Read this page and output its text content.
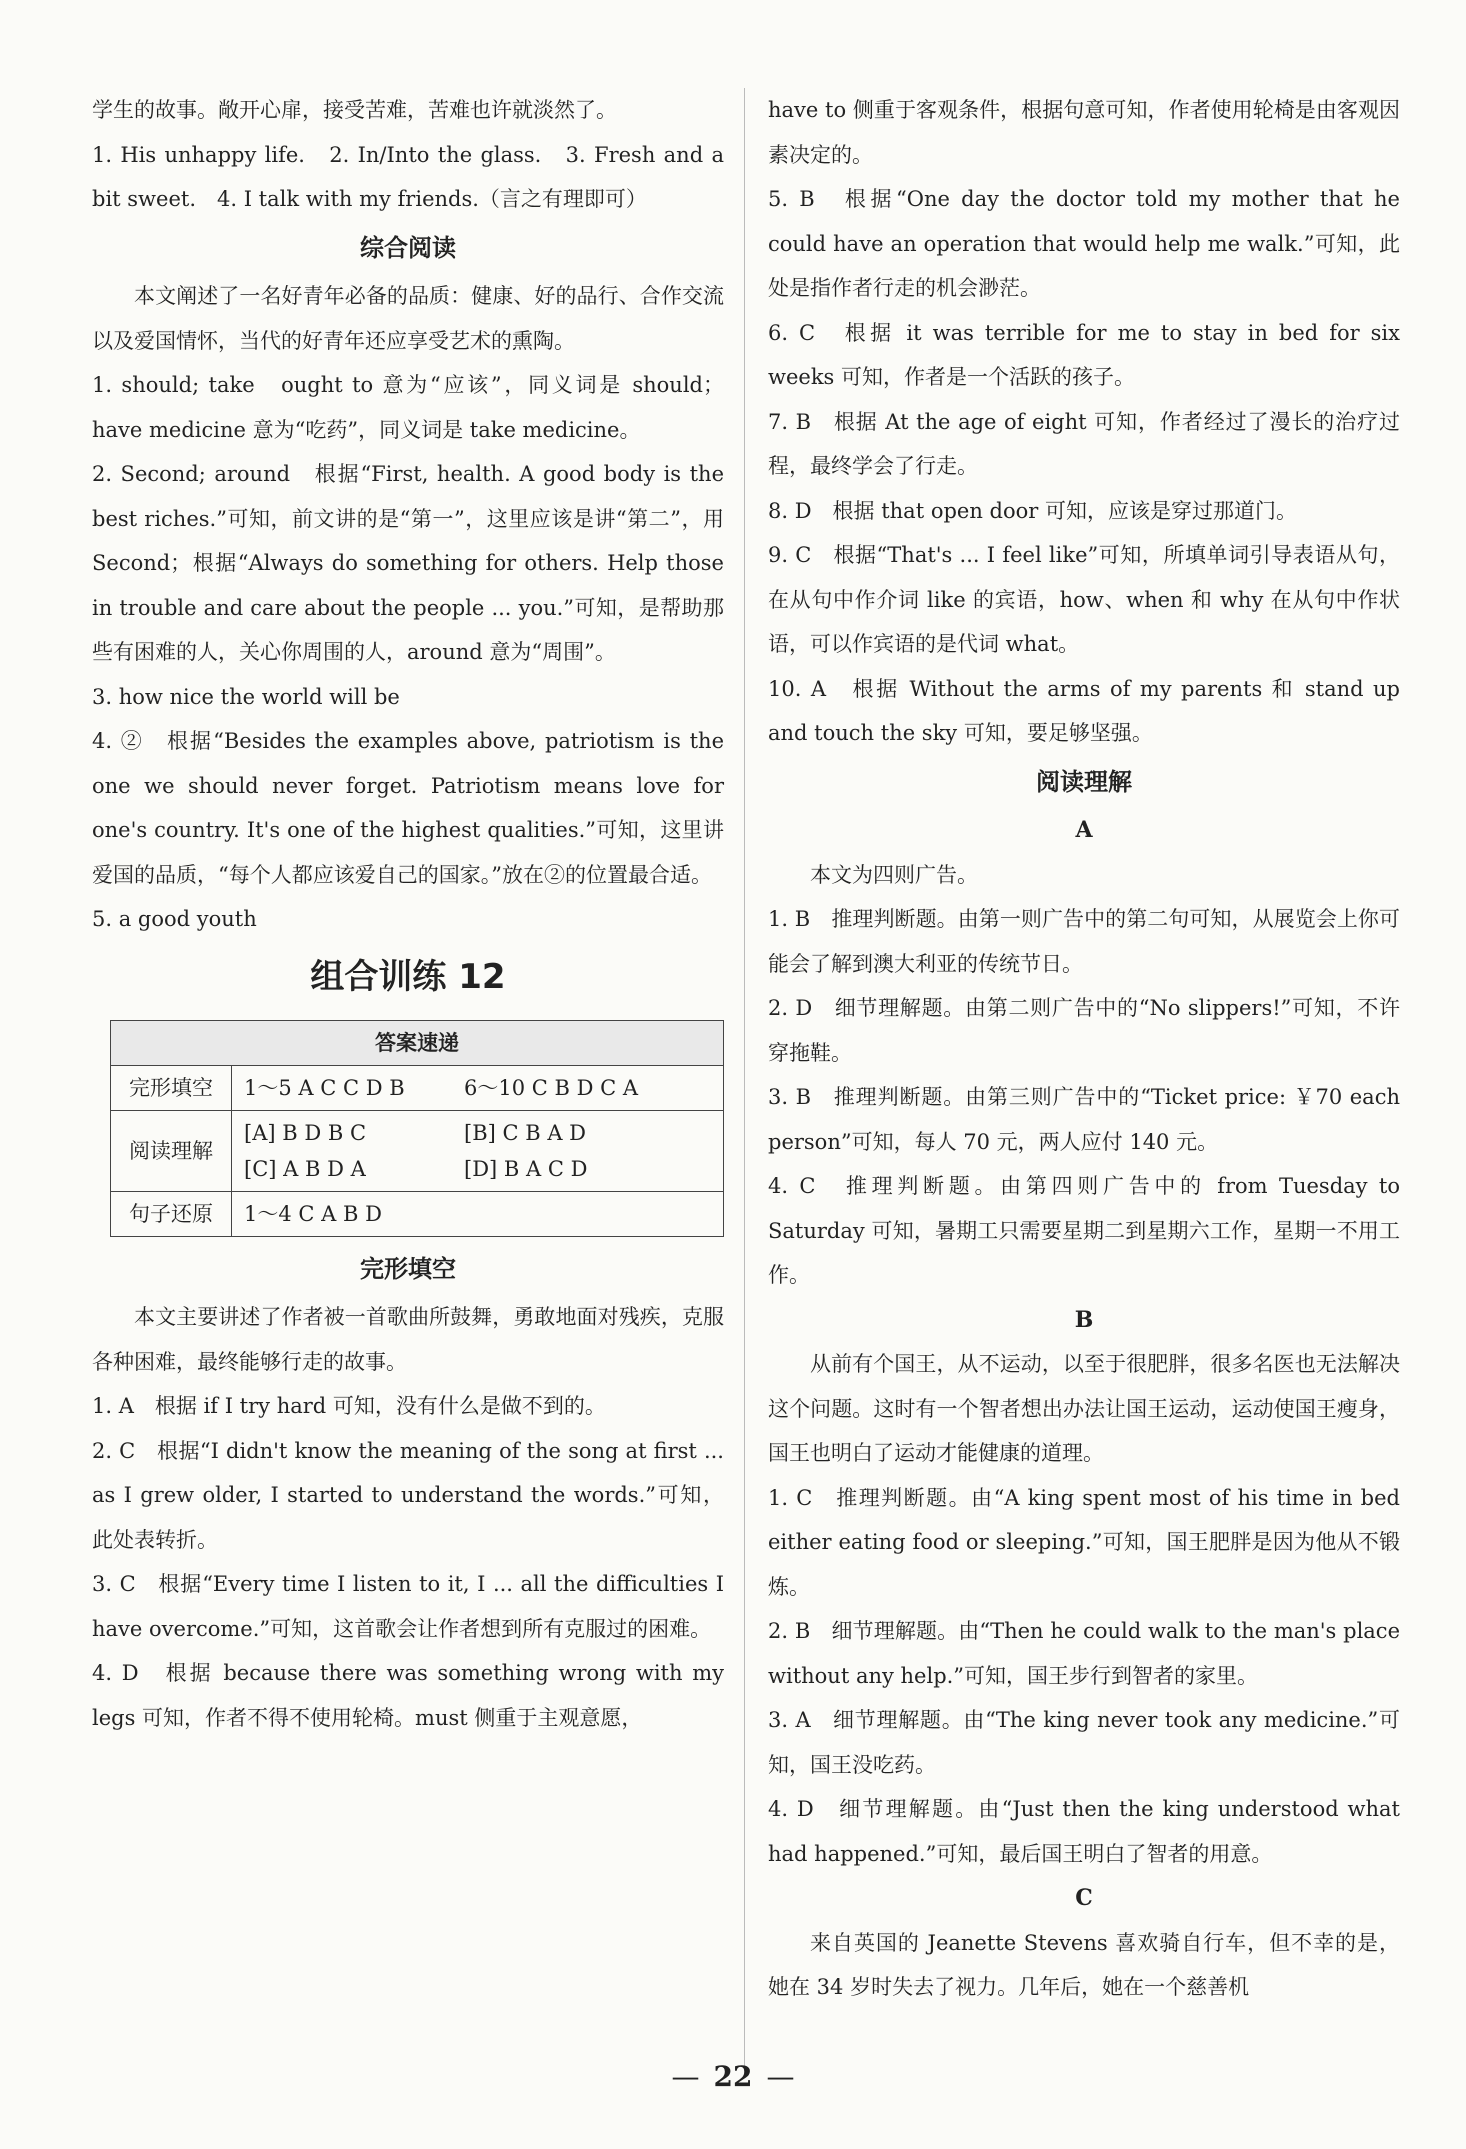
学生的故事。敞开心扉，接受苦难，苦难也许就淡然了。

1. His unhappy life.　2. In/Into the glass.　3. Fresh and a bit sweet.　4. I talk with my friends.（言之有理即可）

综合阅读

本文阐述了一名好青年必备的品质：健康、好的品行、合作交流以及爱国情怀，当代的好青年还应享受艺术的熏陶。

1. should; take　ought to 意为“应该”，同义词是 should；have medicine 意为“吃药”，同义词是 take medicine。

2. Second; around　根据“First, health. A good body is the best riches.”可知，前文讲的是“第一”，这里应该是讲“第二”，用 Second；根据“Always do something for others. Help those in trouble and care about the people ... you.”可知，是帮助那些有困难的人，关心你周围的人，around 意为“周围”。

3. how nice the world will be

4. ②　根据“Besides the examples above, patriotism is the one we should never forget. Patriotism means love for one's country. It's one of the highest qualities.”可知，这里讲爱国的品质，“每个人都应该爱自己的国家。”放在②的位置最合适。

5. a good youth

组合训练 12
答案速递	
完形填空	1～5 A C C D B 6～10 C B D C A

阅读理解	[A] B D B C [B] C B A D
[C] A B D A [D] B A C D

句子还原	1～4 C A B D
完形填空

本文主要讲述了作者被一首歌曲所鼓舞，勇敢地面对残疾，克服各种困难，最终能够行走的故事。

1. A　根据 if I try hard 可知，没有什么是做不到的。

2. C　根据“I didn't know the meaning of the song at first ... as I grew older, I started to understand the words.”可知，此处表转折。

3. C　根据“Every time I listen to it, I ... all the difficulties I have overcome.”可知，这首歌会让作者想到所有克服过的困难。

4. D　根据 because there was something wrong with my legs 可知，作者不得不使用轮椅。must 侧重于主观意愿，

have to 侧重于客观条件，根据句意可知，作者使用轮椅是由客观因素决定的。

5. B　根据“One day the doctor told my mother that he could have an operation that would help me walk.”可知，此处是指作者行走的机会渺茫。

6. C　根据 it was terrible for me to stay in bed for six weeks 可知，作者是一个活跃的孩子。

7. B　根据 At the age of eight 可知，作者经过了漫长的治疗过程，最终学会了行走。

8. D　根据 that open door 可知，应该是穿过那道门。

9. C　根据“That's ... I feel like”可知，所填单词引导表语从句，在从句中作介词 like 的宾语，how、when 和 why 在从句中作状语，可以作宾语的是代词 what。

10. A　根据 Without the arms of my parents 和 stand up and touch the sky 可知，要足够坚强。

阅读理解
A

本文为四则广告。

1. B　推理判断题。由第一则广告中的第二句可知，从展览会上你可能会了解到澳大利亚的传统节日。

2. D　细节理解题。由第二则广告中的“No slippers!”可知，不许穿拖鞋。

3. B　推理判断题。由第三则广告中的“Ticket price: ￥70 each person”可知，每人 70 元，两人应付 140 元。

4. C　推理判断题。由第四则广告中的 from Tuesday to Saturday 可知，暑期工只需要星期二到星期六工作，星期一不用工作。

B

从前有个国王，从不运动，以至于很肥胖，很多名医也无法解决这个问题。这时有一个智者想出办法让国王运动，运动使国王瘦身，国王也明白了运动才能健康的道理。

1. C　推理判断题。由“A king spent most of his time in bed either eating food or sleeping.”可知，国王肥胖是因为他从不锻炼。

2. B　细节理解题。由“Then he could walk to the man's place without any help.”可知，国王步行到智者的家里。

3. A　细节理解题。由“The king never took any medicine.”可知，国王没吃药。

4. D　细节理解题。由“Just then the king understood what had happened.”可知，最后国王明白了智者的用意。

C

来自英国的 Jeanette Stevens 喜欢骑自行车，但不幸的是，她在 34 岁时失去了视力。几年后，她在一个慈善机

— 22 —
